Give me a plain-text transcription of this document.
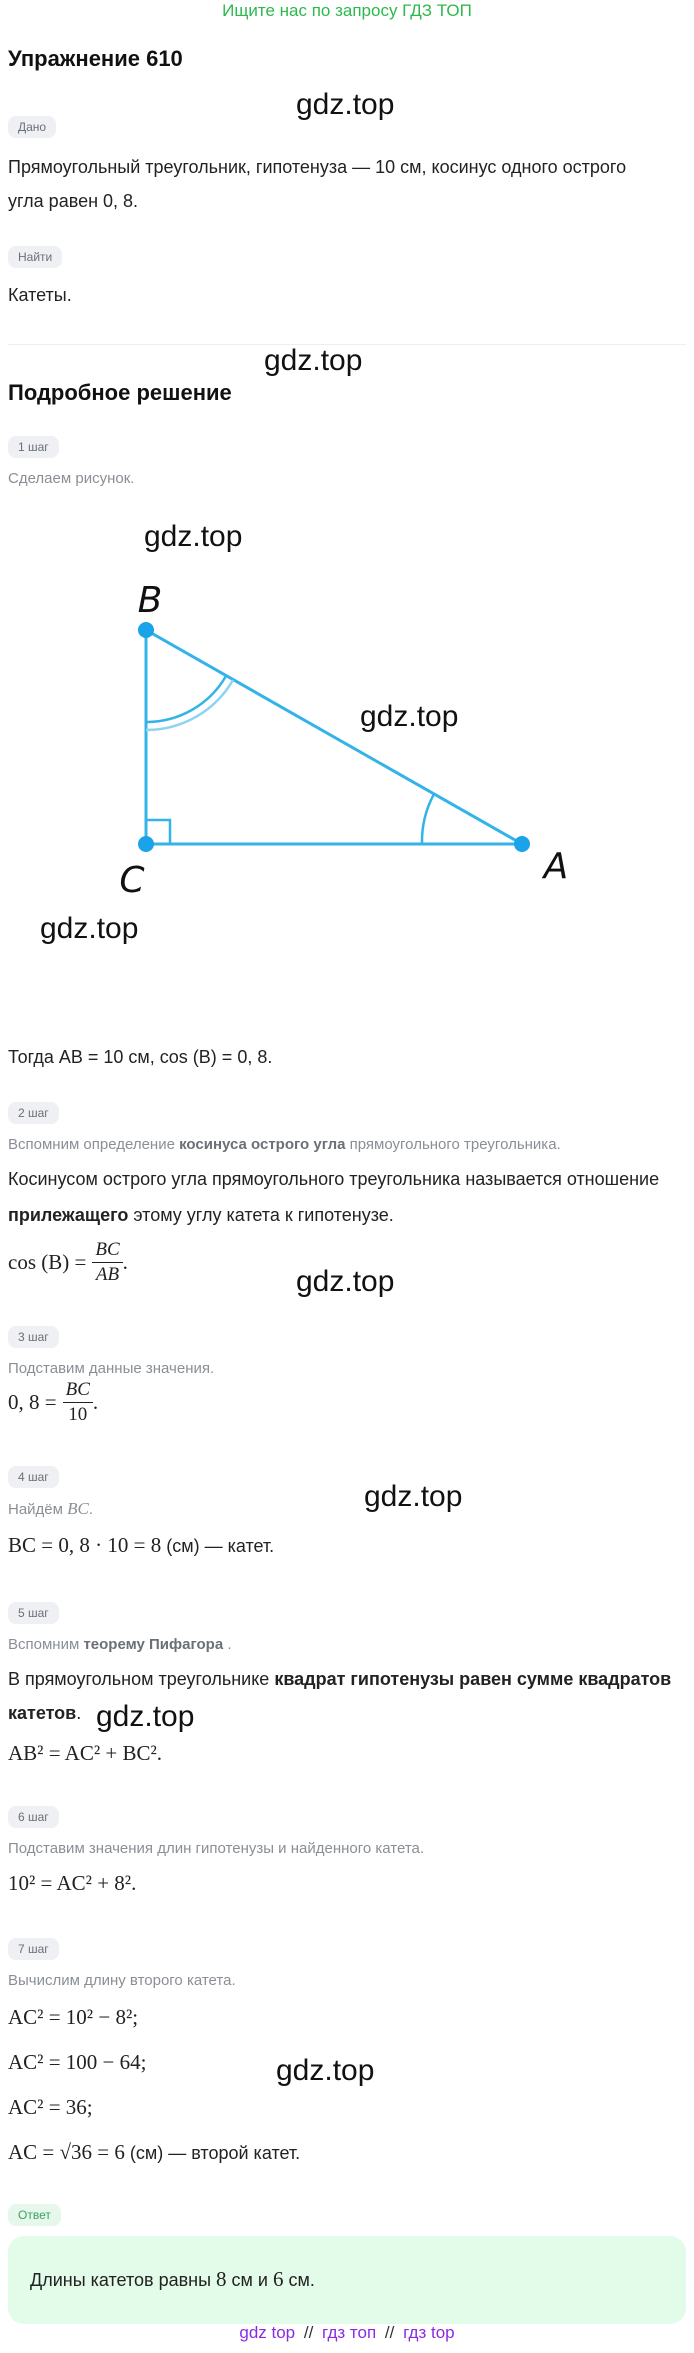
Ищите нас по запросу ГДЗ ТОП
gdz.top
gdz.top
gdz.top
gdz.top
gdz.top
gdz.top
gdz.top
gdz.top
gdz.top
Упражнение 610
Дано
Прямоугольный треугольник, гипотенуза — 10 см, косинус одного острого
угла равен 0, 8.
Найти
Катеты.
Подробное решение
1 шаг
Сделаем рисунок.
B
C	A
Тогда AB = 10 см, cos (B) = 0, 8.
2 шаг
Вспомним определение косинуса острого угла прямоугольного треугольника.
Косинусом острого угла прямоугольного треугольника называется отношение
прилежащего этому углу катета к гипотенузе.
$\cos (B) = \frac{BC}{AB}$ .
3 шаг
Подставим данные значения.
0, $8 = \frac{BC}{10}$ .
4 шаг
Найдём BC.
BC = 0, 8 · 10 = 8 (см) — катет.
5 шаг
Вспомним теорему Пифагора .
В прямоугольном треугольнике квадрат гипотенузы равен сумме квадратов
катетов.
AB² = AC² + BC².
6 шаг
Подставим значения длин гипотенузы и найденного катета.
10² = AC² + 8².
7 шаг
Вычислим длину второго катета.
AC² = 10² − 8²;
AC² = 100 − 64;
AC² = 36;
AC = √36 = 6 (см) — второй катет.
Ответ
Длины катетов равны 8 см и 6 см.
gdz top // гдз топ // гдз top
